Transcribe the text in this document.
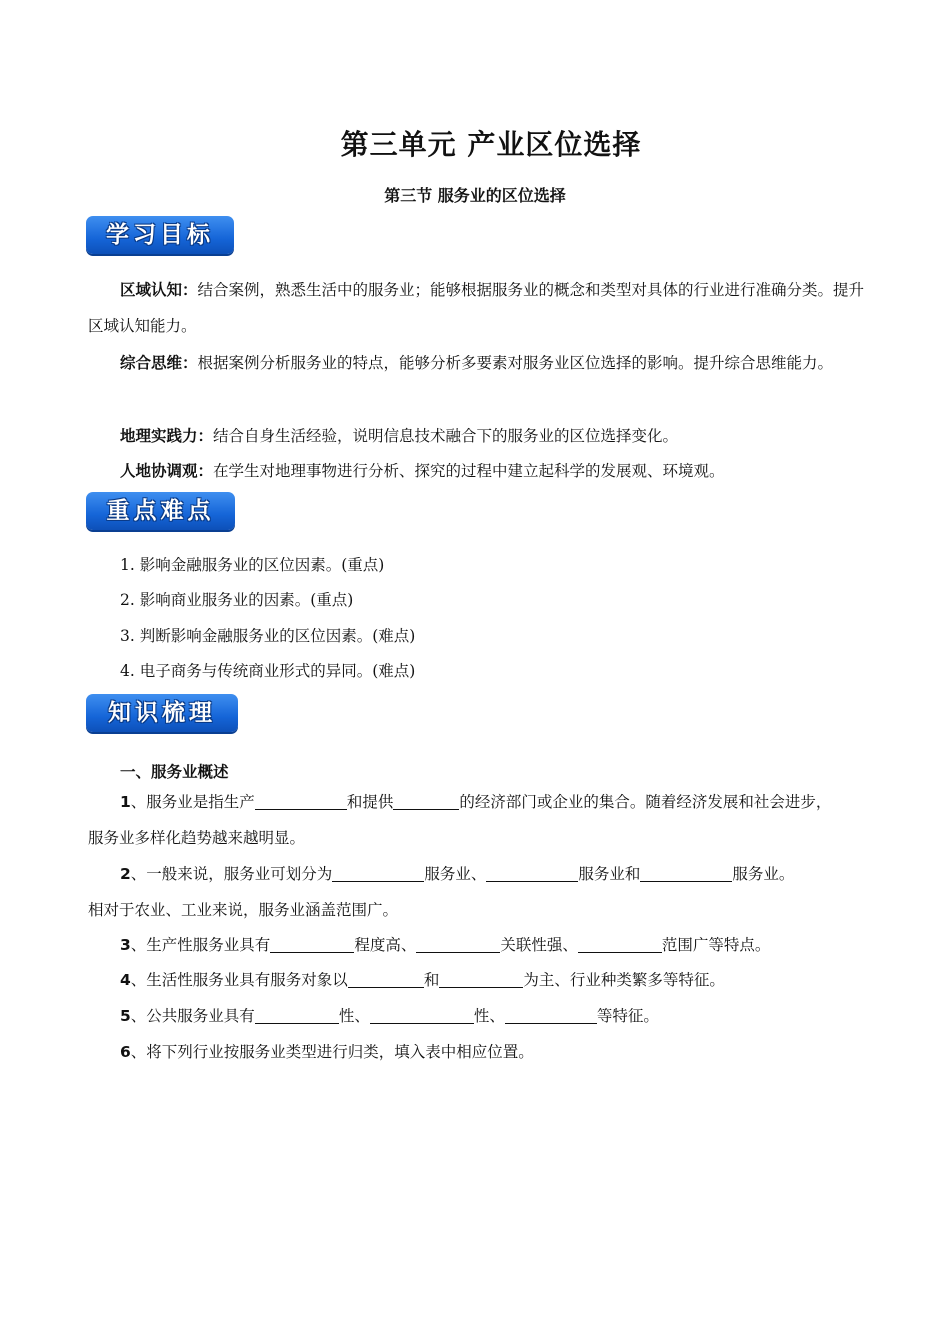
第三单元 产业区位选择
第三节 服务业的区位选择
学习目标
区域认知：结合案例，熟悉生活中的服务业；能够根据服务业的概念和类型对具体的行业进行准确分类。提升区域认知能力。
综合思维：根据案例分析服务业的特点，能够分析多要素对服务业区位选择的影响。提升综合思维能力。
地理实践力：结合自身生活经验，说明信息技术融合下的服务业的区位选择变化。
人地协调观：在学生对地理事物进行分析、探究的过程中建立起科学的发展观、环境观。
重点难点
1. 影响金融服务业的区位因素。(重点)
2. 影响商业服务业的因素。(重点)
3. 判断影响金融服务业的区位因素。(难点)
4. 电子商务与传统商业形式的异同。(难点)
知识梳理
一、服务业概述
1、服务业是指生产	和提供	的经济部门或企业的集合。随着经济发展和社会进步，
服务业多样化趋势越来越明显。
2、一般来说，服务业可划分为	服务业、	服务业和	服务业。
相对于农业、工业来说，服务业涵盖范围广。
3、生产性服务业具有	程度高、	关联性强、	范围广等特点。
4、生活性服务业具有服务对象以	和	为主、行业种类繁多等特征。
5、公共服务业具有	性、	性、	等特征。
6、将下列行业按服务业类型进行归类，填入表中相应位置。
